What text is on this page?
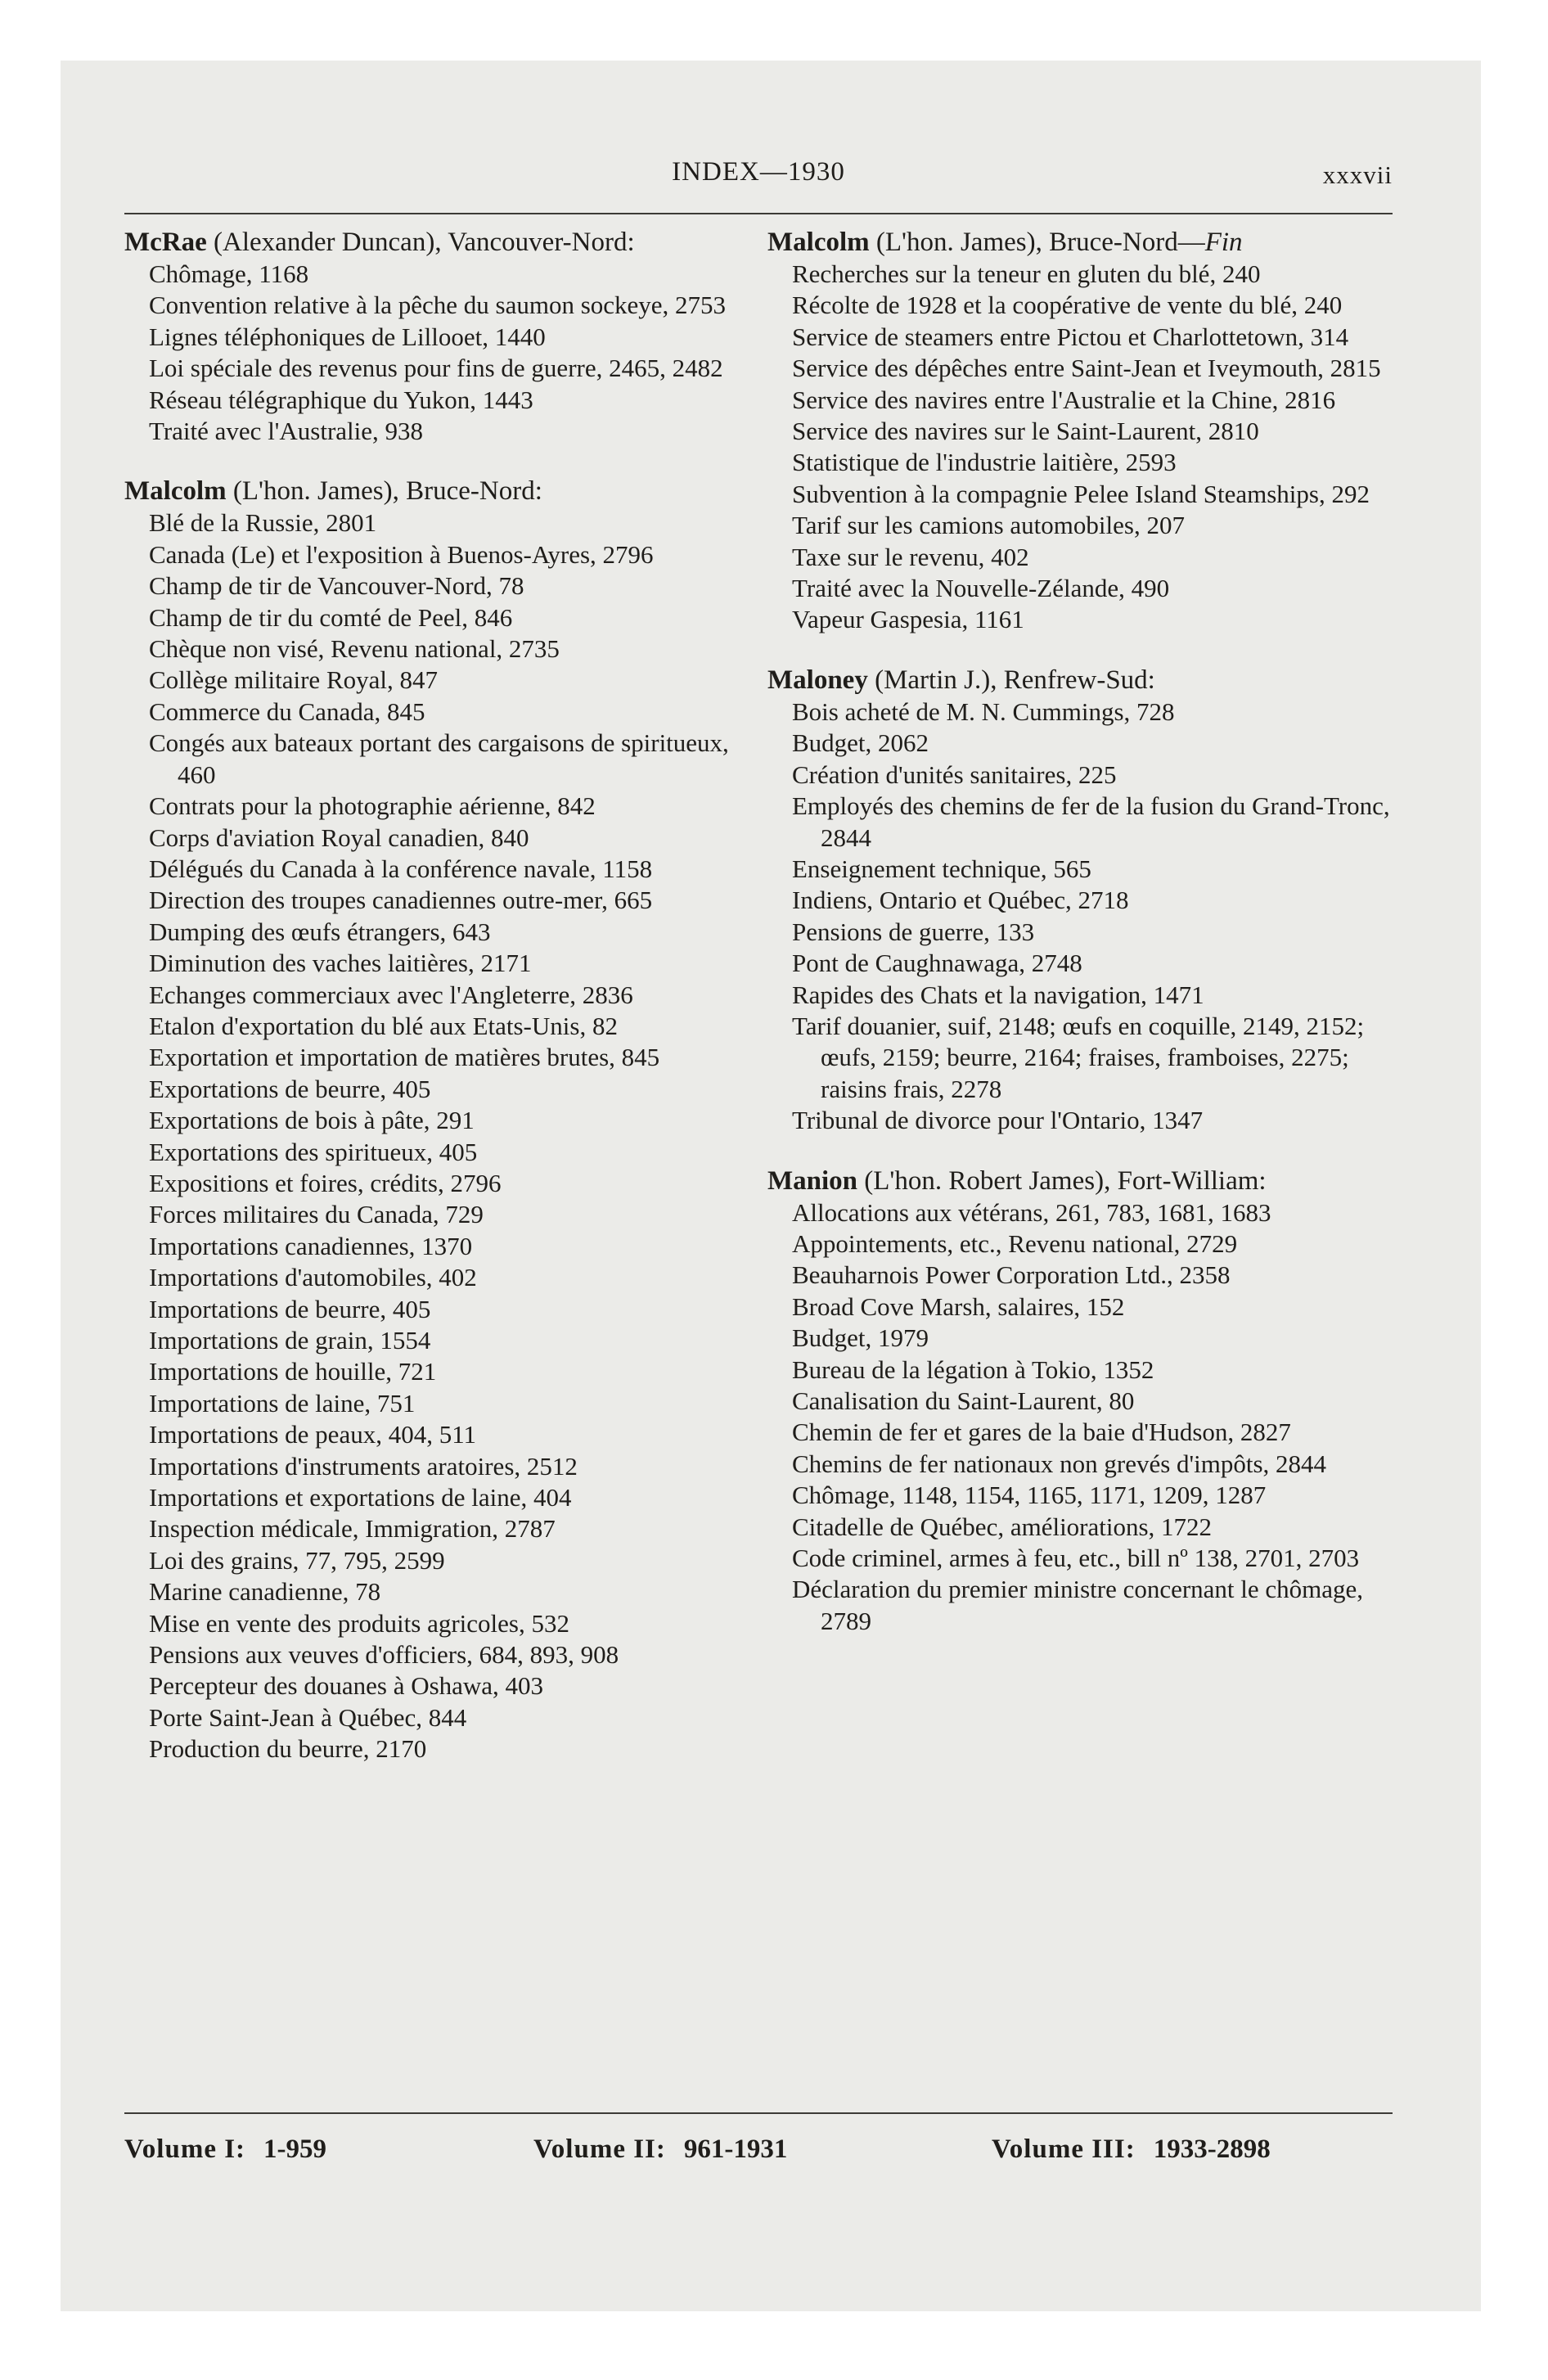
INDEX—1930	xxxvii
McRae (Alexander Duncan), Vancouver-Nord:
Chômage, 1168
Convention relative à la pêche du saumon sockeye, 2753
Lignes téléphoniques de Lillooet, 1440
Loi spéciale des revenus pour fins de guerre, 2465, 2482
Réseau télégraphique du Yukon, 1443
Traité avec l'Australie, 938
Malcolm (L'hon. James), Bruce-Nord:
Blé de la Russie, 2801
Canada (Le) et l'exposition à Buenos-Ayres, 2796
Champ de tir de Vancouver-Nord, 78
Champ de tir du comté de Peel, 846
Chèque non visé, Revenu national, 2735
Collège militaire Royal, 847
Commerce du Canada, 845
Congés aux bateaux portant des cargaisons de spiritueux, 460
Contrats pour la photographie aérienne, 842
Corps d'aviation Royal canadien, 840
Délégués du Canada à la conférence navale, 1158
Direction des troupes canadiennes outre-mer, 665
Dumping des œufs étrangers, 643
Diminution des vaches laitières, 2171
Echanges commerciaux avec l'Angleterre, 2836
Etalon d'exportation du blé aux Etats-Unis, 82
Exportation et importation de matières brutes, 845
Exportations de beurre, 405
Exportations de bois à pâte, 291
Exportations des spiritueux, 405
Expositions et foires, crédits, 2796
Forces militaires du Canada, 729
Importations canadiennes, 1370
Importations d'automobiles, 402
Importations de beurre, 405
Importations de grain, 1554
Importations de houille, 721
Importations de laine, 751
Importations de peaux, 404, 511
Importations d'instruments aratoires, 2512
Importations et exportations de laine, 404
Inspection médicale, Immigration, 2787
Loi des grains, 77, 795, 2599
Marine canadienne, 78
Mise en vente des produits agricoles, 532
Pensions aux veuves d'officiers, 684, 893, 908
Percepteur des douanes à Oshawa, 403
Porte Saint-Jean à Québec, 844
Production du beurre, 2170
Malcolm (L'hon. James), Bruce-Nord—Fin
Recherches sur la teneur en gluten du blé, 240
Récolte de 1928 et la coopérative de vente du blé, 240
Service de steamers entre Pictou et Charlottetown, 314
Service des dépêches entre Saint-Jean et Iveymouth, 2815
Service des navires entre l'Australie et la Chine, 2816
Service des navires sur le Saint-Laurent, 2810
Statistique de l'industrie laitière, 2593
Subvention à la compagnie Pelee Island Steamships, 292
Tarif sur les camions automobiles, 207
Taxe sur le revenu, 402
Traité avec la Nouvelle-Zélande, 490
Vapeur Gaspesia, 1161
Maloney (Martin J.), Renfrew-Sud:
Bois acheté de M. N. Cummings, 728
Budget, 2062
Création d'unités sanitaires, 225
Employés des chemins de fer de la fusion du Grand-Tronc, 2844
Enseignement technique, 565
Indiens, Ontario et Québec, 2718
Pensions de guerre, 133
Pont de Caughnawaga, 2748
Rapides des Chats et la navigation, 1471
Tarif douanier, suif, 2148; œufs en coquille, 2149, 2152; œufs, 2159; beurre, 2164; fraises, framboises, 2275; raisins frais, 2278
Tribunal de divorce pour l'Ontario, 1347
Manion (L'hon. Robert James), Fort-William:
Allocations aux vétérans, 261, 783, 1681, 1683
Appointements, etc., Revenu national, 2729
Beauharnois Power Corporation Ltd., 2358
Broad Cove Marsh, salaires, 152
Budget, 1979
Bureau de la légation à Tokio, 1352
Canalisation du Saint-Laurent, 80
Chemin de fer et gares de la baie d'Hudson, 2827
Chemins de fer nationaux non grevés d'impôts, 2844
Chômage, 1148, 1154, 1165, 1171, 1209, 1287
Citadelle de Québec, améliorations, 1722
Code criminel, armes à feu, etc., bill nº 138, 2701, 2703
Déclaration du premier ministre concernant le chômage, 2789
Volume I: 1-959	Volume II: 961-1931	Volume III: 1933-2898
